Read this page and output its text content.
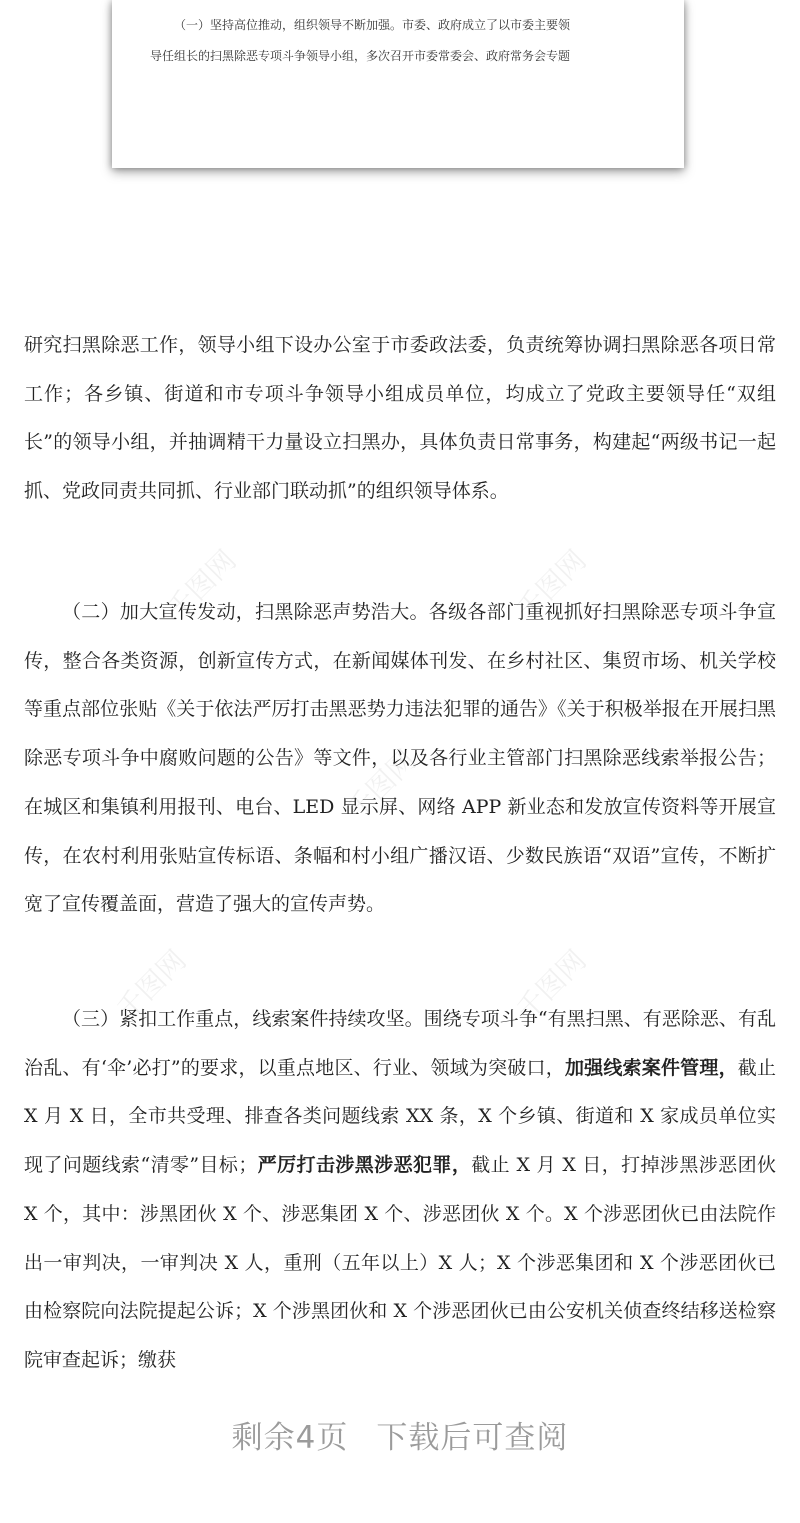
（一）坚持高位推动，组织领导不断加强。市委、政府成立了以市委主要领
导任组长的扫黑除恶专项斗争领导小组，多次召开市委常委会、政府常务会专题
研究扫黑除恶工作，领导小组下设办公室于市委政法委，负责统筹协调扫黑除恶各项日常工作；各乡镇、街道和市专项斗争领导小组成员单位，均成立了党政主要领导任“双组长”的领导小组，并抽调精干力量设立扫黑办，具体负责日常事务，构建起“两级书记一起抓、党政同责共同抓、行业部门联动抓”的组织领导体系。
（二）加大宣传发动，扫黑除恶声势浩大。各级各部门重视抓好扫黑除恶专项斗争宣传，整合各类资源，创新宣传方式，在新闻媒体刊发、在乡村社区、集贸市场、机关学校等重点部位张贴《关于依法严厉打击黑恶势力违法犯罪的通告》《关于积极举报在开展扫黑除恶专项斗争中腐败问题的公告》等文件，以及各行业主管部门扫黑除恶线索举报公告；在城区和集镇利用报刊、电台、LED 显示屏、网络 APP 新业态和发放宣传资料等开展宣传，在农村利用张贴宣传标语、条幅和村小组广播汉语、少数民族语“双语”宣传，不断扩宽了宣传覆盖面，营造了强大的宣传声势。
（三）紧扣工作重点，线索案件持续攻坚。围绕专项斗争“有黑扫黑、有恶除恶、有乱治乱、有‘伞’必打”的要求，以重点地区、行业、领域为突破口，加强线索案件管理，截止 X 月 X 日，全市共受理、排查各类问题线索 XX 条，X 个乡镇、街道和 X 家成员单位实现了问题线索“清零”目标；严厉打击涉黑涉恶犯罪，截止 X 月 X 日，打掉涉黑涉恶团伙 X 个，其中：涉黑团伙 X 个、涉恶集团 X 个、涉恶团伙 X 个。X 个涉恶团伙已由法院作出一审判决，一审判决 X 人，重刑（五年以上）X 人；X 个涉恶集团和 X 个涉恶团伙已由检察院向法院提起公诉；X 个涉黑团伙和 X 个涉恶团伙已由公安机关侦查终结移送检察院审查起诉；缴获
千图网	千图网
千图网
千图网	千图网
剩余4页 下载后可查阅
